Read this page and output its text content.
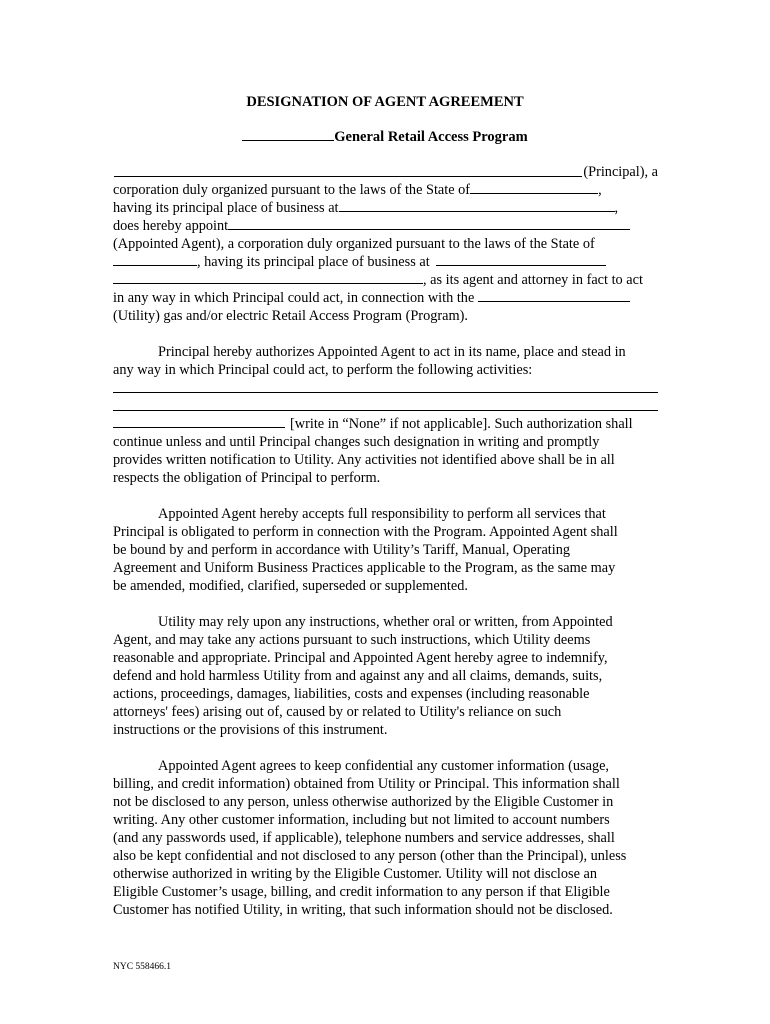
DESIGNATION OF AGENT AGREEMENT
General Retail Access Program
(Principal), a
corporation duly organized pursuant to the laws of the State of	,
having its principal place of business at	,
does hereby appoint
(Appointed Agent), a corporation duly organized pursuant to the laws of the State of
, having its principal place of business at
, as its agent and attorney in fact to act
in any way in which Principal could act, in connection with the
(Utility) gas and/or electric Retail Access Program (Program).
Principal hereby authorizes Appointed Agent to act in its name, place and stead in
any way in which Principal could act, to perform the following activities:
[write in “None” if not applicable]. Such authorization shall
continue unless and until Principal changes such designation in writing and promptly
provides written notification to Utility. Any activities not identified above shall be in all
respects the obligation of Principal to perform.
Appointed Agent hereby accepts full responsibility to perform all services that
Principal is obligated to perform in connection with the Program. Appointed Agent shall
be bound by and perform in accordance with Utility’s Tariff, Manual, Operating
Agreement and Uniform Business Practices applicable to the Program, as the same may
be amended, modified, clarified, superseded or supplemented.
Utility may rely upon any instructions, whether oral or written, from Appointed
Agent, and may take any actions pursuant to such instructions, which Utility deems
reasonable and appropriate. Principal and Appointed Agent hereby agree to indemnify,
defend and hold harmless Utility from and against any and all claims, demands, suits,
actions, proceedings, damages, liabilities, costs and expenses (including reasonable
attorneys' fees) arising out of, caused by or related to Utility's reliance on such
instructions or the provisions of this instrument.
Appointed Agent agrees to keep confidential any customer information (usage,
billing, and credit information) obtained from Utility or Principal. This information shall
not be disclosed to any person, unless otherwise authorized by the Eligible Customer in
writing. Any other customer information, including but not limited to account numbers
(and any passwords used, if applicable), telephone numbers and service addresses, shall
also be kept confidential and not disclosed to any person (other than the Principal), unless
otherwise authorized in writing by the Eligible Customer. Utility will not disclose an
Eligible Customer’s usage, billing, and credit information to any person if that Eligible
Customer has notified Utility, in writing, that such information should not be disclosed.
NYC 558466.1
